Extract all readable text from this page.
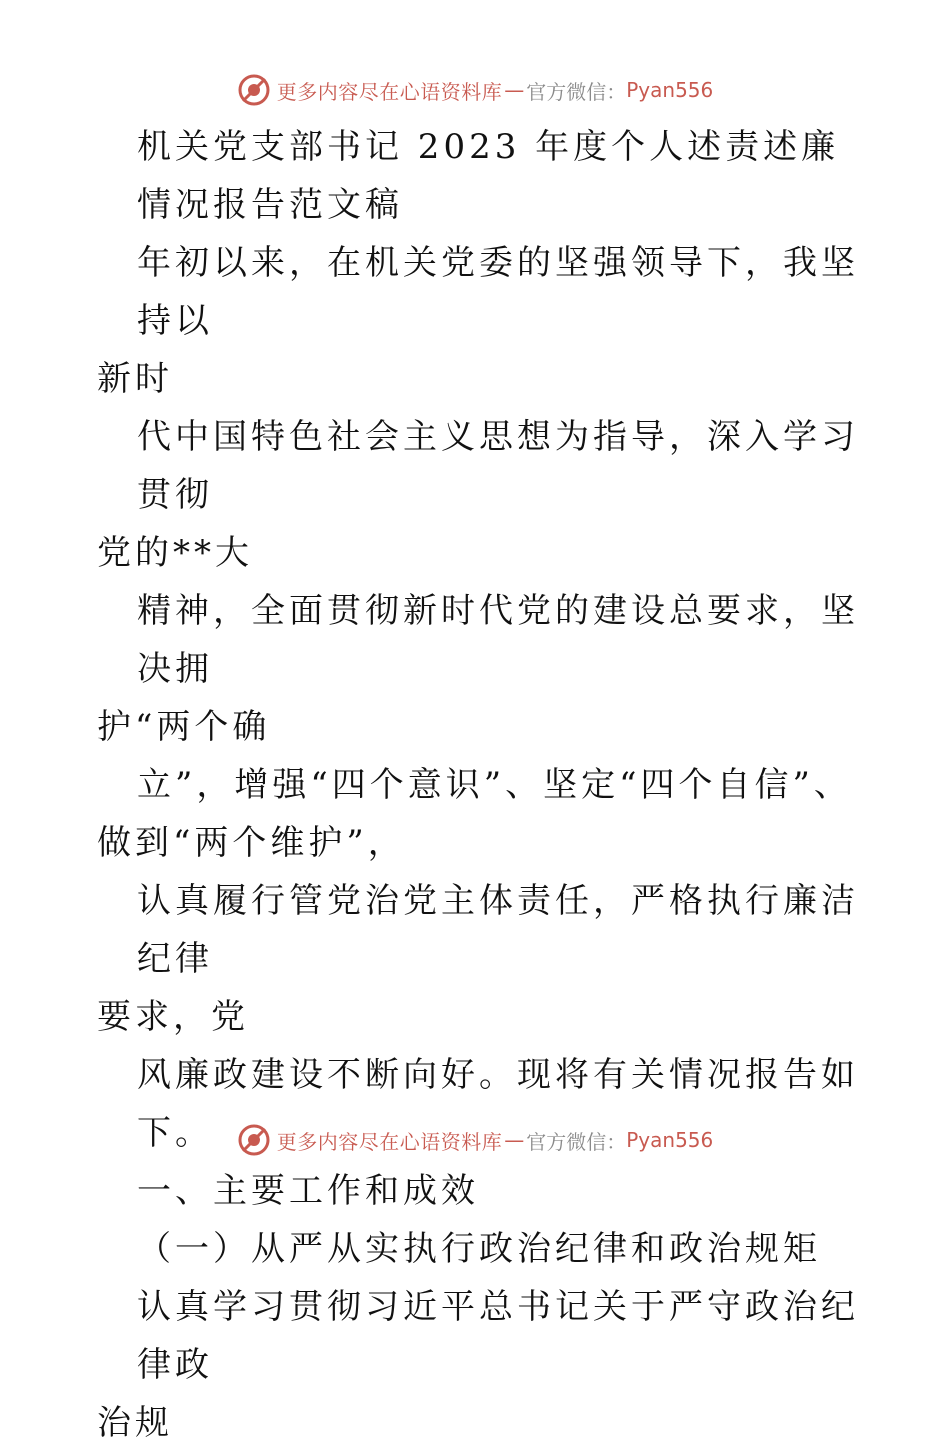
更多内容尽在心语资料库 — 官方微信： Pyan556

机关党支部书记 2023 年度个人述责述廉

情况报告范文稿

年初以来，在机关党委的坚强领导下，我坚持以

新时

代中国特色社会主义思想为指导，深入学习贯彻

党的**大

精神，全面贯彻新时代党的建设总要求，坚决拥

护“两个确

立”，增强“四个意识”、坚定“四个自信”、

做到“两个维护”，

认真履行管党治党主体责任，严格执行廉洁纪律

要求，党

风廉政建设不断向好。现将有关情况报告如下。

一、主要工作和成效

（一）从严从实执行政治纪律和政治规矩

认真学习贯彻习近平总书记关于严守政治纪律政

治规

更多内容尽在心语资料库 — 官方微信： Pyan556
